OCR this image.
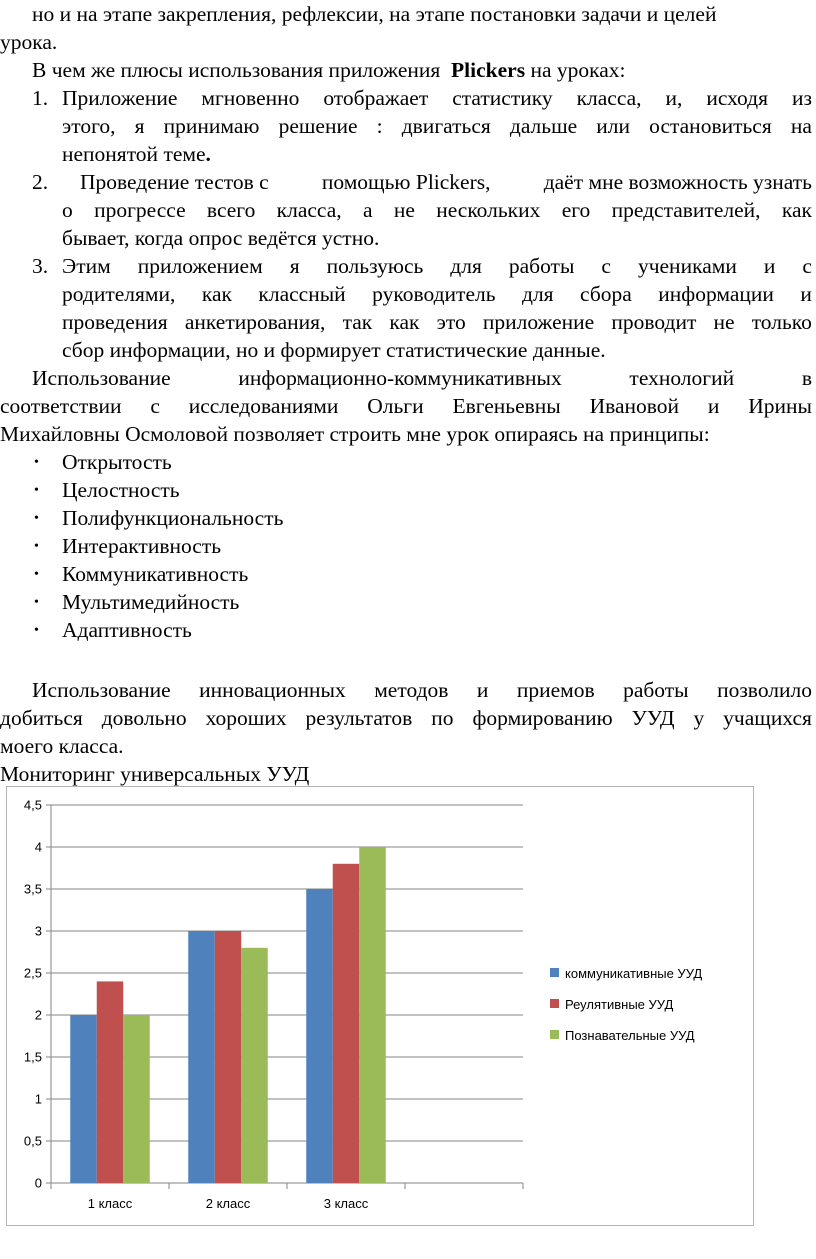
но и на этапе закрепления, рефлексии, на этапе постановки задачи и целей
урока.
В чем же плюсы использования приложения Plickers на уроках:
1. Приложение мгновенно отображает статистику класса, и, исходя из
этого, я принимаю решение : двигаться дальше или остановиться на
непонятой теме.
2. Проведение тестов с помощью Plickers, даёт мне возможность узнать
о прогрессе всего класса, а не нескольких его представителей, как
бывает, когда опрос ведётся устно.
3. Этим приложением я пользуюсь для работы с учениками и с
родителями, как классный руководитель для сбора информации и
проведения анкетирования, так как это приложение проводит не только
сбор информации, но и формирует статистические данные.
Использование	информационно-коммуникативных	технологий	в
соответствии с исследованиями Ольги Евгеньевны Ивановой и Ирины
Михайловны Осмоловой позволяет строить мне урок опираясь на принципы:
• Открытость
• Целостность
• Полифункциональность
• Интерактивность
• Коммуникативность
• Мультимедийность
• Адаптивность
Использование инновационных методов и приемов работы позволило
добиться довольно хороших результатов по формированию УУД у учащихся
моего класса.
Мониторинг универсальных УУД
0
0,5
1
1,5
2
2,5
3
3,5
4
4,5
1 класс	2 класс	3 класс
коммуникативные УУД
Реулятивные УУД
Познавательные УУД
